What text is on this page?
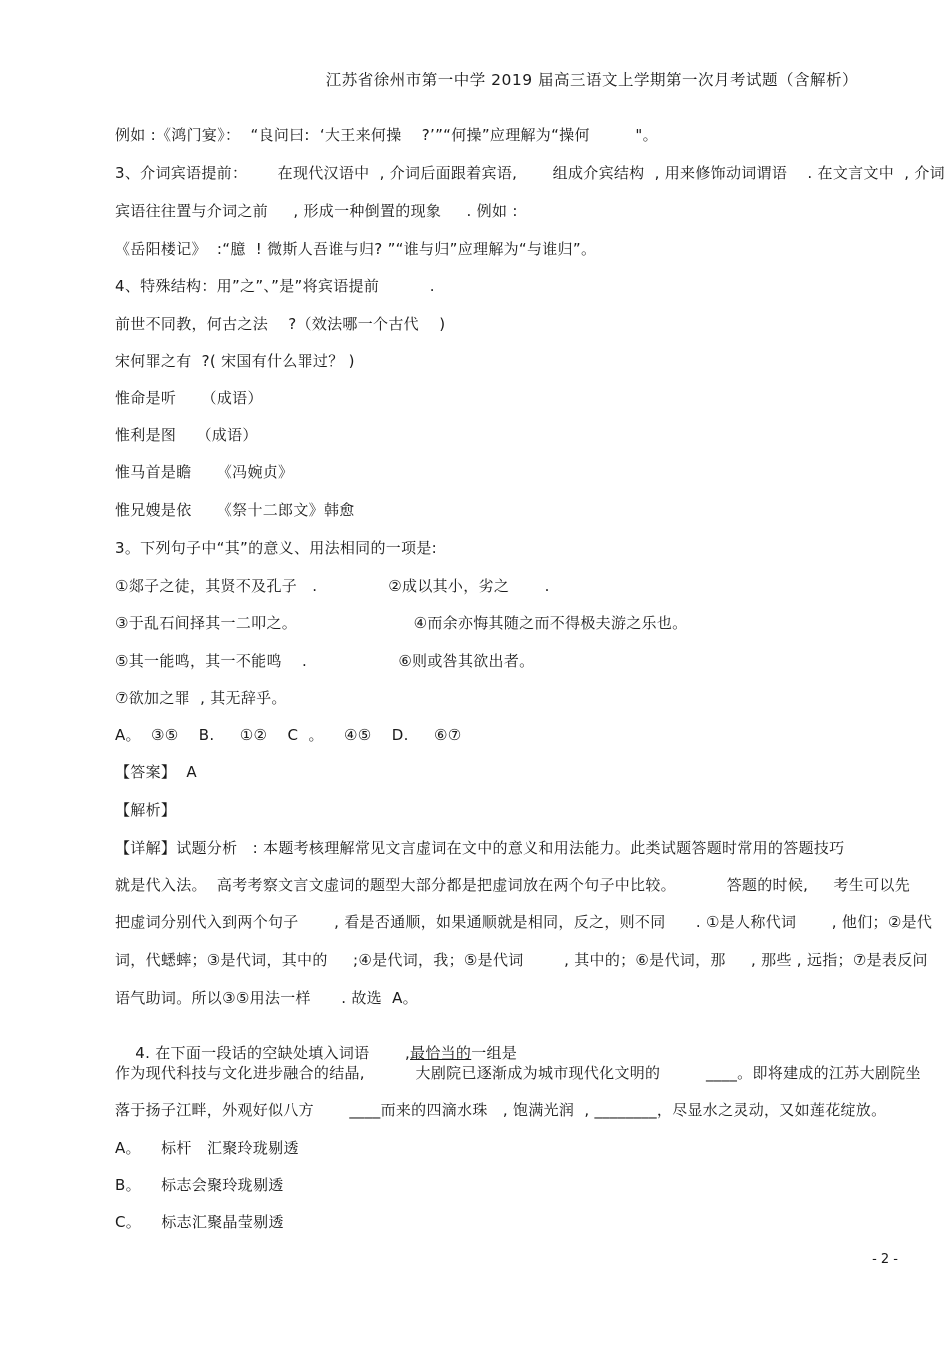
江苏省徐州市第一中学 2019 届高三语文上学期第一次月考试题（含解析）
例如 :《鸿门宴》：  “良问曰:  ‘大王来何操    ?’”“何操”应理解为“操何         "。
3、介词宾语提前：      在现代汉语中  , 介词后面跟着宾语,       组成介宾结构  , 用来修饰动词谓语    . 在文言文中  , 介词
宾语往往置与介词之前     , 形成一种倒置的现象     . 例如 :
《岳阳楼记》  :“臆  ! 微斯人吾谁与归? ”“谁与归”应理解为“与谁归”。
4、特殊结构：用”之”、”是”将宾语提前          .
前世不同教，何古之法    ?（效法哪一个古代    )
宋何罪之有  ?( 宋国有什么罪过？ )
惟命是听     （成语）
惟利是图    （成语）
惟马首是瞻     《冯婉贞》
惟兄嫂是依     《祭十二郎文》韩愈
3。下列句子中“其”的意义、用法相同的一项是:
①郯子之徒，其贤不及孔子   .              ②成以其小，劣之       .
③于乱石间择其一二叩之。                       ④而余亦悔其随之而不得极夫游之乐也。
⑤其一能鸣，其一不能鸣    .                  ⑥则或咎其欲出者。
⑦欲加之罪  , 其无辞乎。
A。  ③⑤    B.     ①②    C  。    ④⑤    D.     ⑥⑦
【答案】  A
【解析】
【详解】试题分析   : 本题考核理解常见文言虚词在文中的意义和用法能力。此类试题答题时常用的答题技巧
就是代入法。  高考考察文言文虚词的题型大部分都是把虚词放在两个句子中比较。          答题的时候,     考生可以先
把虚词分别代入到两个句子       , 看是否通顺，如果通顺就是相同，反之，则不同      . ①是人称代词       , 他们；②是代
词，代蟋蟀；③是代词，其中的     ;④是代词，我；⑤是代词        , 其中的；⑥是代词，那     , 那些 , 远指；⑦是表反问
语气助词。所以③⑤用法一样      . 故选  A。

4. 在下面一段话的空缺处填入词语       ,最恰当的一组是

作为现代科技与文化进步融合的结晶,          大剧院已逐渐成为城市现代化文明的         ____。即将建成的江苏大剧院坐
落于扬子江畔，外观好似八方       ____而来的四滴水珠   , 饱满光润  , ________，尽显水之灵动，又如莲花绽放。
A。    标杆   汇聚玲珑剔透
B。    标志会聚玲珑剔透
C。    标志汇聚晶莹剔透
- 2 -
